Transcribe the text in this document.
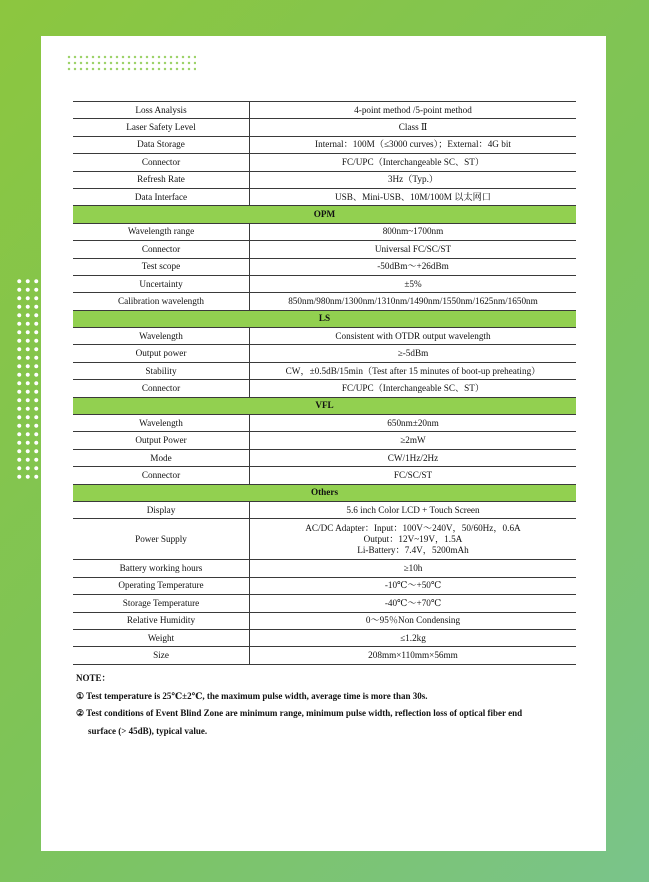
Loss Analysis	4-point method /5-point method
Laser Safety Level	Class Ⅱ
Data Storage	Internal：100M（≤3000 curves）；External：4G bit
Connector	FC/UPC（Interchangeable SC、ST）
Refresh Rate	3Hz（Typ.）
Data Interface	USB、Mini-USB、10M/100M 以太网口
OPM	
Wavelength range	800nm~1700nm
Connector	Universal FC/SC/ST
Test scope	-50dBm～+26dBm
Uncertainty	±5%
Calibration wavelength	850nm/980nm/1300nm/1310nm/1490nm/1550nm/1625nm/1650nm
LS	
Wavelength	Consistent with OTDR output wavelength
Output power	≥-5dBm
Stability	CW，±0.5dB/15min（Test after 15 minutes of boot-up preheating）
Connector	FC/UPC（Interchangeable SC、ST）
VFL	
Wavelength	650nm±20nm
Output Power	≥2mW
Mode	CW/1Hz/2Hz
Connector	FC/SC/ST
Others	
Display	5.6 inch Color LCD + Touch Screen
Power Supply	AC/DC Adapter：Input：100V～240V，50/60Hz，0.6A
Output：12V~19V，1.5A
Li-Battery：7.4V，5200mAh

Battery working hours	≥10h
Operating Temperature	-10℃～+50℃
Storage Temperature	-40℃～+70℃
Relative Humidity	0～95％Non Condensing
Weight	≤1.2kg
Size	208mm×110mm×56mm

NOTE：

① Test temperature is 25℃±2℃, the maximum pulse width, average time is more than 30s.

② Test conditions of Event Blind Zone are minimum range, minimum pulse width, reflection loss of optical fiber end

surface (> 45dB), typical value.
